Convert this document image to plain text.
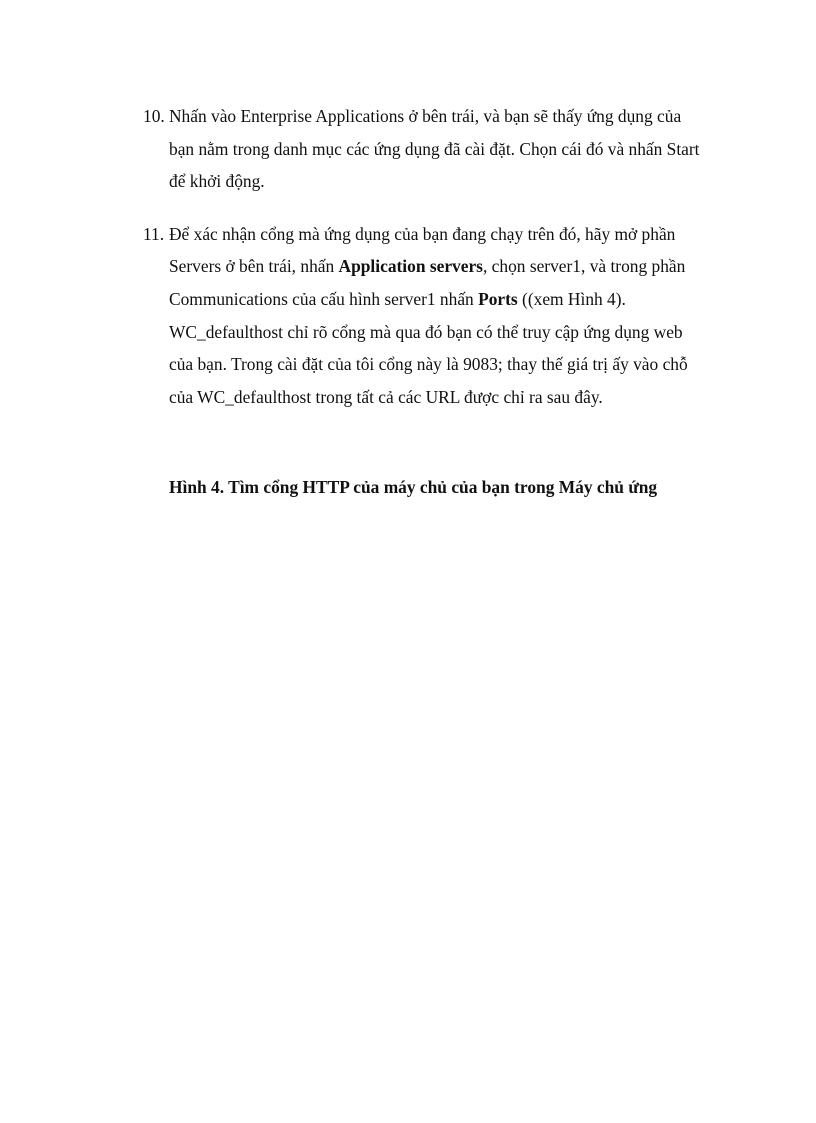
10. Nhấn vào Enterprise Applications ở bên trái, và bạn sẽ thấy ứng dụng của bạn nằm trong danh mục các ứng dụng đã cài đặt. Chọn cái đó và nhấn Start để khởi động.

11. Để xác nhận cổng mà ứng dụng của bạn đang chạy trên đó, hãy mở phần Servers ở bên trái, nhấn Application servers, chọn server1, và trong phần Communications của cấu hình server1 nhấn Ports ((xem Hình 4). WC_defaulthost chỉ rõ cổng mà qua đó bạn có thể truy cập ứng dụng web của bạn. Trong cài đặt của tôi cổng này là 9083; thay thế giá trị ấy vào chỗ của WC_defaulthost trong tất cả các URL được chỉ ra sau đây.

Hình 4. Tìm cổng HTTP của máy chủ của bạn trong Máy chủ ứng
